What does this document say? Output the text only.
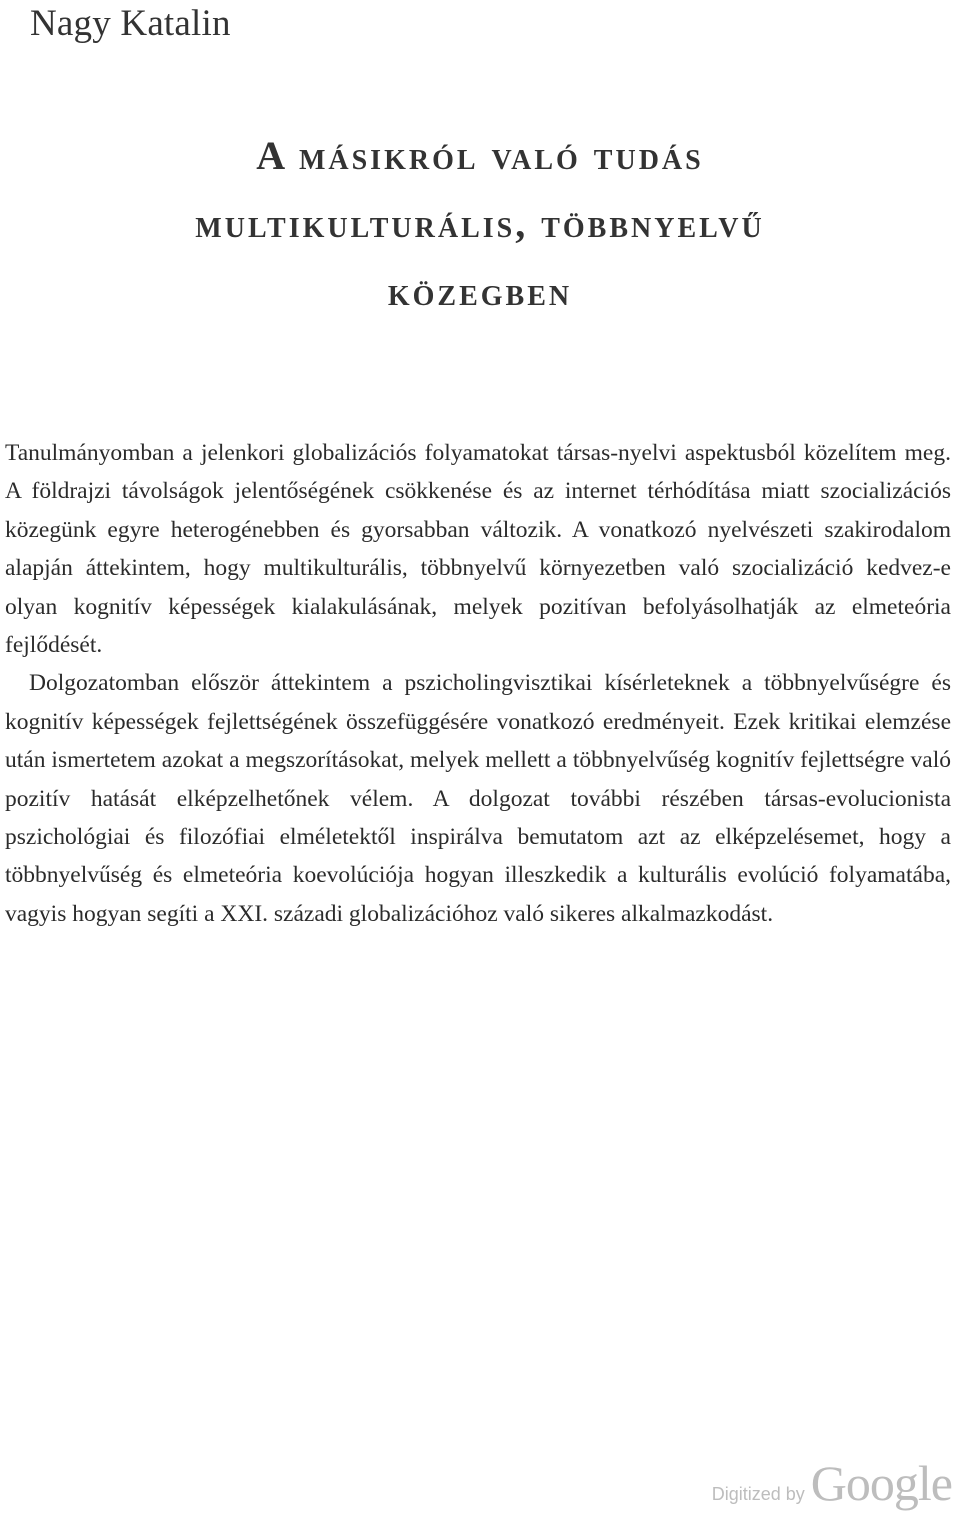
Nagy Katalin
A másikról való tudás
multikulturális, többnyelvű
közegben

Tanulmányomban a jelenkori globalizációs folyamatokat társas-nyelvi aspektusból közelítem meg. A földrajzi távolságok jelentőségének csökkenése és az internet térhódítása miatt szocializációs közegünk egyre heterogénebben és gyorsabban változik. A vonatkozó nyelvészeti szakirodalom alapján áttekintem, hogy multikulturális, többnyelvű környezetben való szocializáció kedvez-e olyan kognitív képességek kialakulásának, melyek pozitívan befolyásolhatják az elmeteória fejlődését.

Dolgozatomban először áttekintem a pszicholingvisztikai kísérleteknek a többnyelvűségre és kognitív képességek fejlettségének összefüggésére vonatkozó eredményeit. Ezek kritikai elemzése után ismertetem azokat a megszorításokat, melyek mellett a többnyelvűség kognitív fejlettségre való pozitív hatását elképzelhetőnek vélem. A dolgozat további részében társas-evolucionista pszichológiai és filozófiai elméletektől inspirálva bemutatom azt az elképzelésemet, hogy a többnyelvűség és elmeteória koevolúciója hogyan illeszkedik a kulturális evolúció folyamatába, vagyis hogyan segíti a XXI. századi globalizációhoz való sikeres alkalmazkodást.

Digitized by Google
